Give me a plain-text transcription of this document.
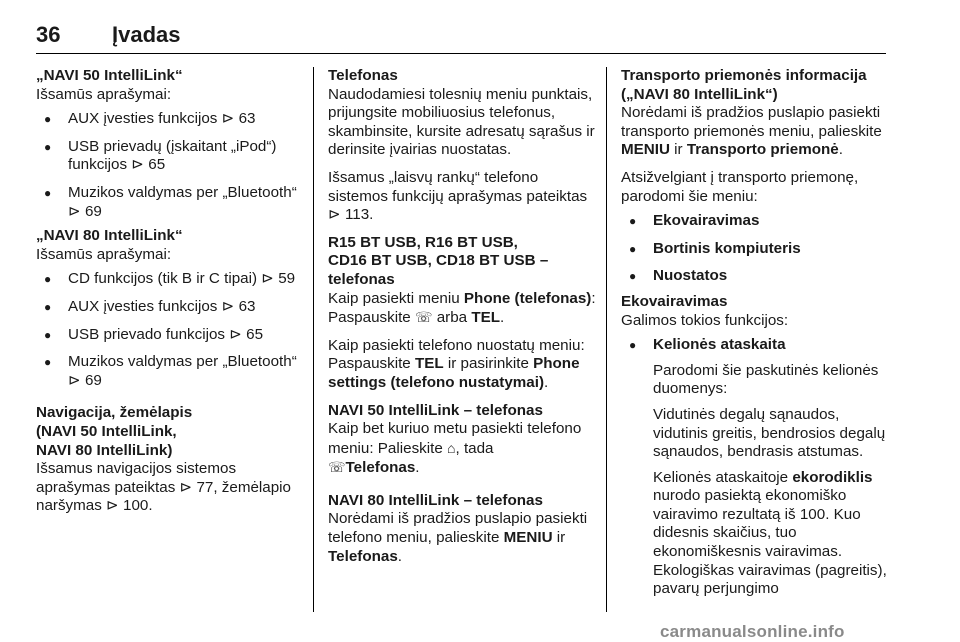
36 Įvadas
„NAVI 50 IntelliLink“
Išsamūs aprašymai:
● AUX įvesties funkcijos ⊳ 63
● USB prievadų (įskaitant „iPod“) funkcijos ⊳ 65
● Muzikos valdymas per „Bluetooth“ ⊳ 69
„NAVI 80 IntelliLink“
Išsamūs aprašymai:
● CD funkcijos (tik B ir C tipai) ⊳ 59
● AUX įvesties funkcijos ⊳ 63
● USB prievado funkcijos ⊳ 65
● Muzikos valdymas per „Bluetooth“ ⊳ 69
Navigacija, žemėlapis
(NAVI 50 IntelliLink,
NAVI 80 IntelliLink)
Išsamus navigacijos sistemos aprašymas pateiktas ⊳ 77, žemėlapio naršymas ⊳ 100.
Telefonas
Naudodamiesi tolesnių meniu punktais, prijungsite mobiliuosius telefonus, skambinsite, kursite adresatų sąrašus ir derinsite įvairias nuostatas.
Išsamus „laisvų rankų“ telefono sistemos funkcijų aprašymas pateiktas ⊳ 113.
R15 BT USB, R16 BT USB,
CD16 BT USB, CD18 BT USB –
telefonas
Kaip pasiekti meniu Phone (telefonas): Paspauskite ☏ arba TEL.
Kaip pasiekti telefono nuostatų meniu: Paspauskite TEL ir pasirinkite Phone settings (telefono nustatymai).
NAVI 50 IntelliLink – telefonas
Kaip bet kuriuo metu pasiekti telefono meniu: Palieskite ⌂, tada
☏Telefonas.
NAVI 80 IntelliLink – telefonas
Norėdami iš pradžios puslapio pasiekti telefono meniu, palieskite MENIU ir Telefonas.
Transporto priemonės informacija
(„NAVI 80 IntelliLink“)
Norėdami iš pradžios puslapio pasiekti transporto priemonės meniu, palieskite MENIU ir Transporto priemonė.
Atsižvelgiant į transporto priemonę, parodomi šie meniu:
● Ekovairavimas
● Bortinis kompiuteris
● Nuostatos
Ekovairavimas
Galimos tokios funkcijos:
● Kelionės ataskaita
Parodomi šie paskutinės kelionės duomenys:
Vidutinės degalų sąnaudos, vidutinis greitis, bendrosios degalų sąnaudos, bendrasis atstumas.
Kelionės ataskaitoje ekorodiklis nurodo pasiektą ekonomiško vairavimo rezultatą iš 100. Kuo didesnis skaičius, tuo ekonomiškesnis vairavimas.
Ekologiškas vairavimas (pagreitis), pavarų perjungimo
carmanualsonline.info
